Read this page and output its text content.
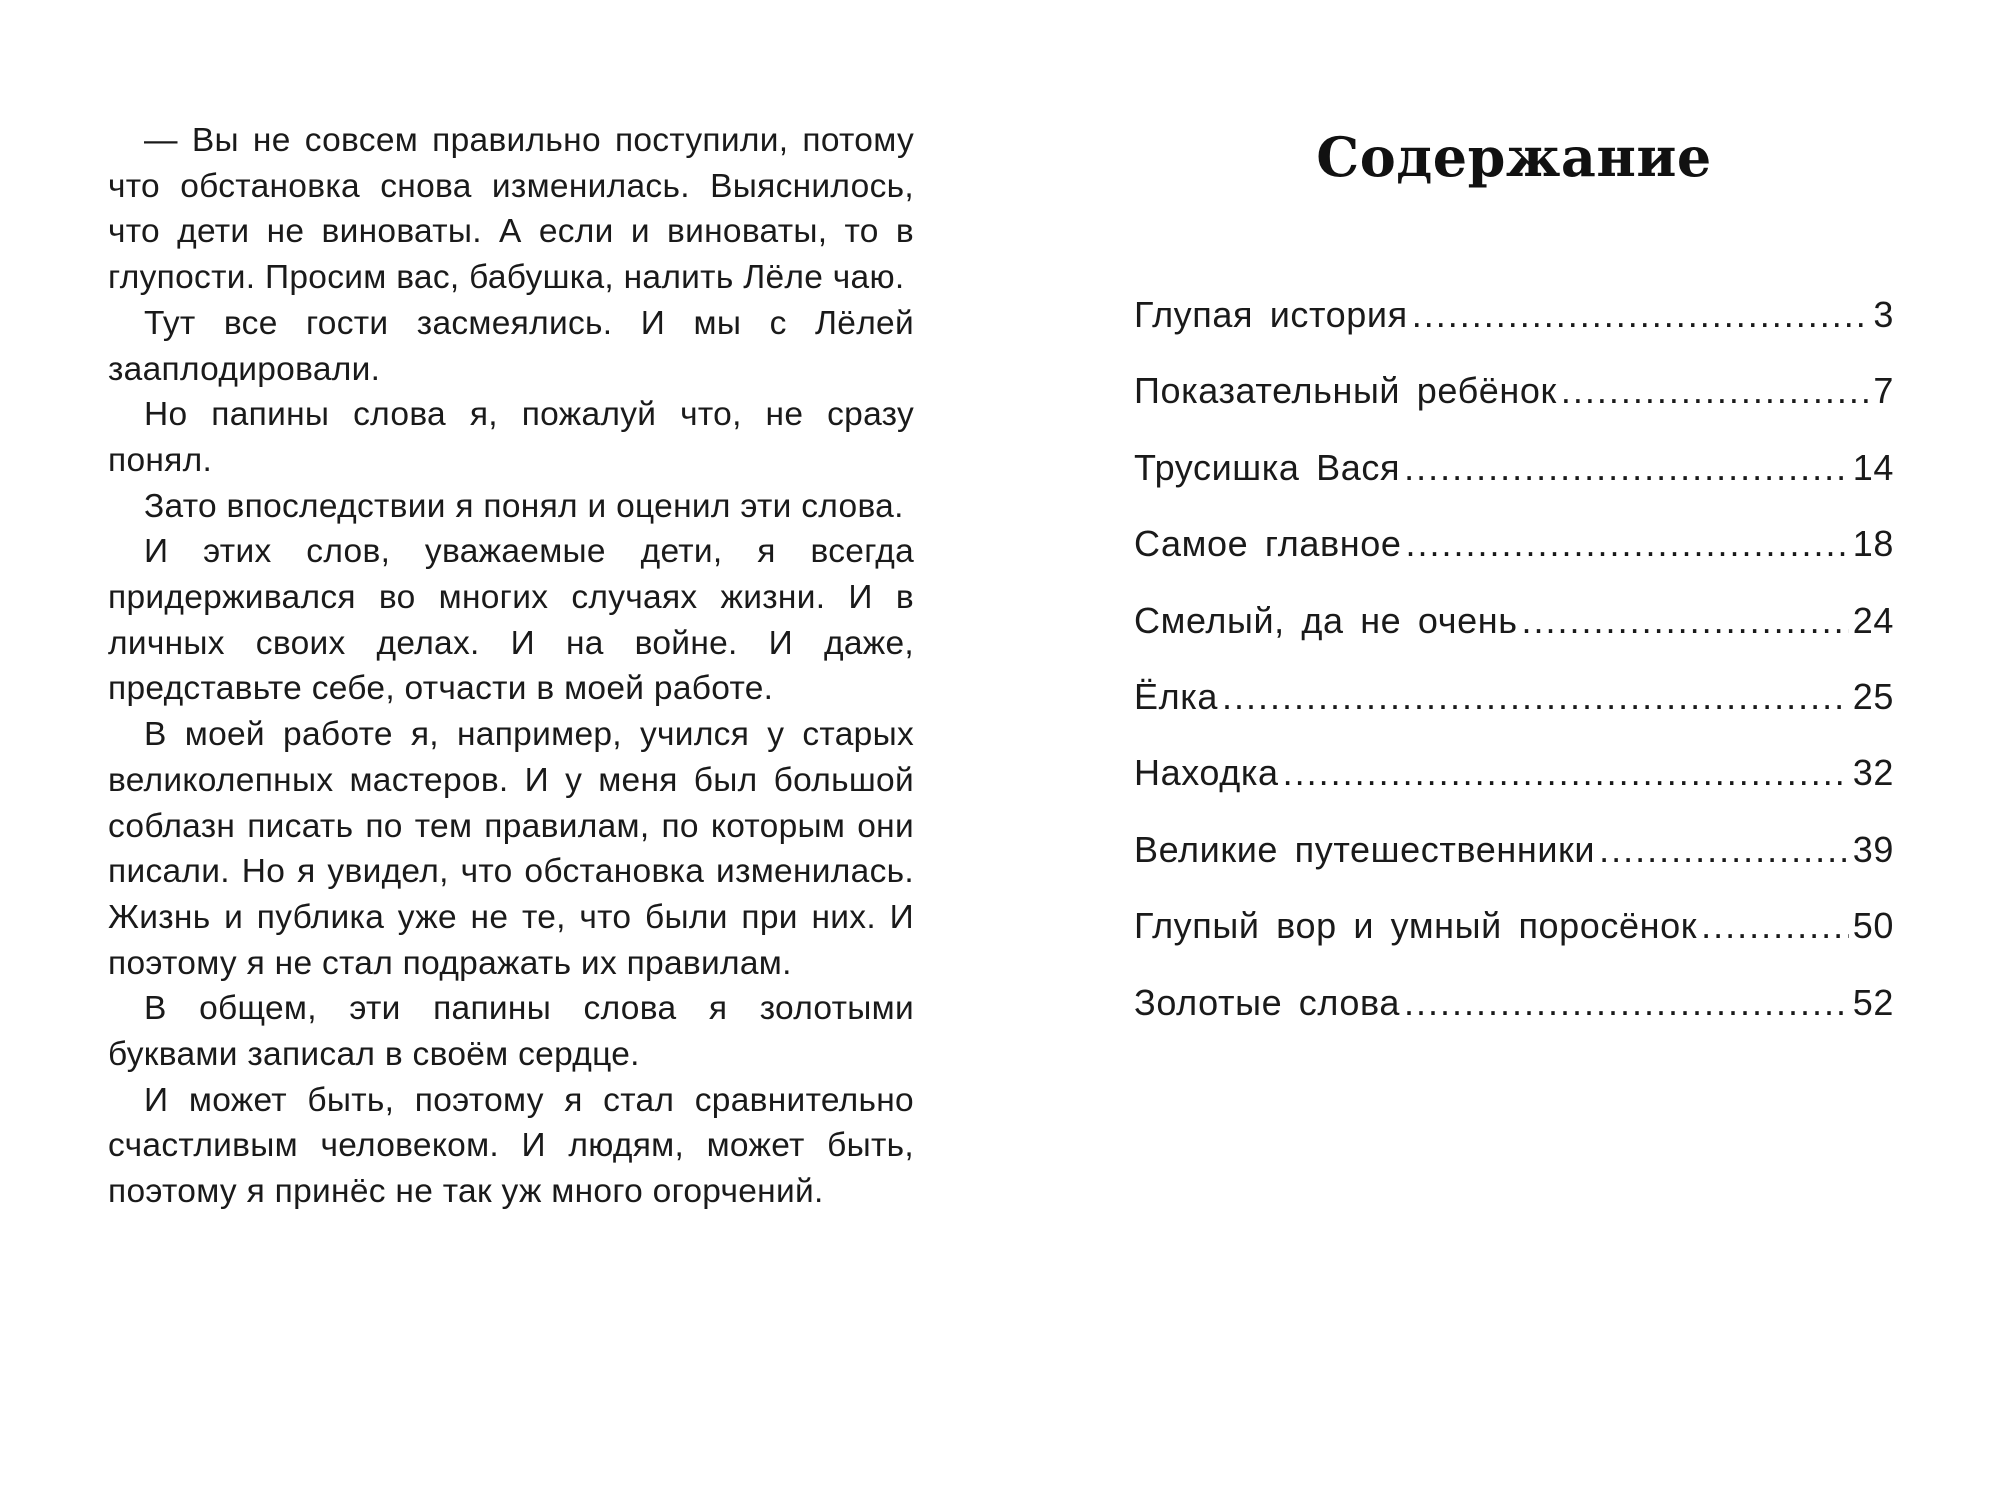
— Вы не совсем правильно поступили, потому что обстановка снова изменилась. Выяснилось, что дети не виноваты. А если и виноваты, то в глупости. Просим вас, бабушка, налить Лёле чаю.

Тут все гости засмеялись. И мы с Лёлей зааплодировали.

Но папины слова я, пожалуй что, не сразу понял.

Зато впоследствии я понял и оценил эти слова.

И этих слов, уважаемые дети, я всегда придерживался во многих случаях жизни. И в личных своих делах. И на войне. И даже, представьте себе, отчасти в моей работе.

В моей работе я, например, учился у старых великолепных мастеров. И у меня был большой соблазн писать по тем правилам, по которым они писали. Но я увидел, что обстановка изменилась. Жизнь и публика уже не те, что были при них. И поэтому я не стал подражать их правилам.

В общем, эти папины слова я золотыми буквами записал в своём сердце.

И может быть, поэтому я стал сравнительно счастливым человеком. И людям, может быть, поэтому я принёс не так уж много огорчений.

Содержание
Глупая история .....	3
Показательный ребёнок .....	7
Трусишка Вася .....	14
Самое главное .....	18
Смелый, да не очень .....	24
Ёлка .....	25
Находка .....	32
Великие путешественники .....	39
Глупый вор и умный поросёнок .....	50
Золотые слова .....	52
